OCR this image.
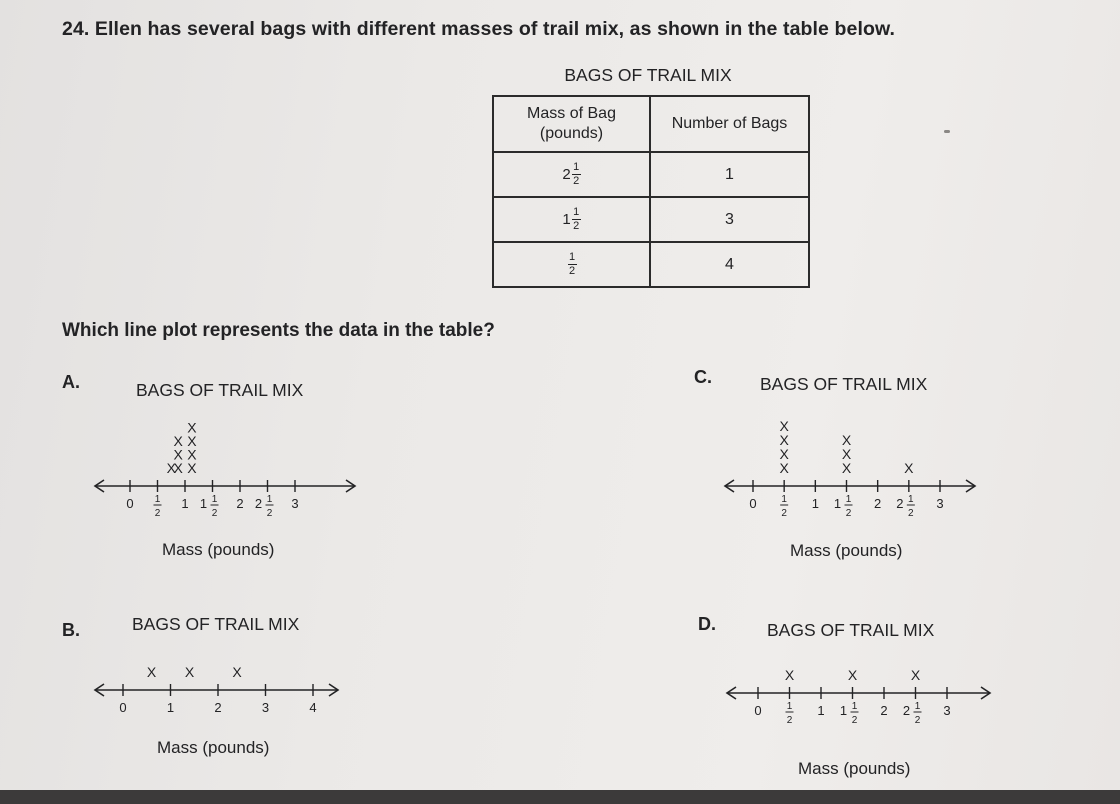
24. Ellen has several bags with different masses of trail mix, as shown in the table below.
BAGS OF TRAIL MIX
Mass of Bag
(pounds)	Number of Bags

$2 \frac{1}{2}$	1

$1 \frac{1}{2}$	3

$\frac{1}{2}$	4
Which line plot represents the data in the table?
A.	BAGS OF TRAIL MIX
0 1
2
1 1 1
2
2 2 1
2
3
X
X
X
X
X
X
X
X
Mass (pounds)
B.	BAGS OF TRAIL MIX
0	1	2	3	4
X X	X
Mass (pounds)
C.	BAGS OF TRAIL MIX
0 1
2
1 1 1
2
2 2 1
2
3
X
X
X
X
X
X
X
X
Mass (pounds)
D.	BAGS OF TRAIL MIX
0	1
2
1 1 1
2
2 2 1
2
3
X	X	X
Mass (pounds)
